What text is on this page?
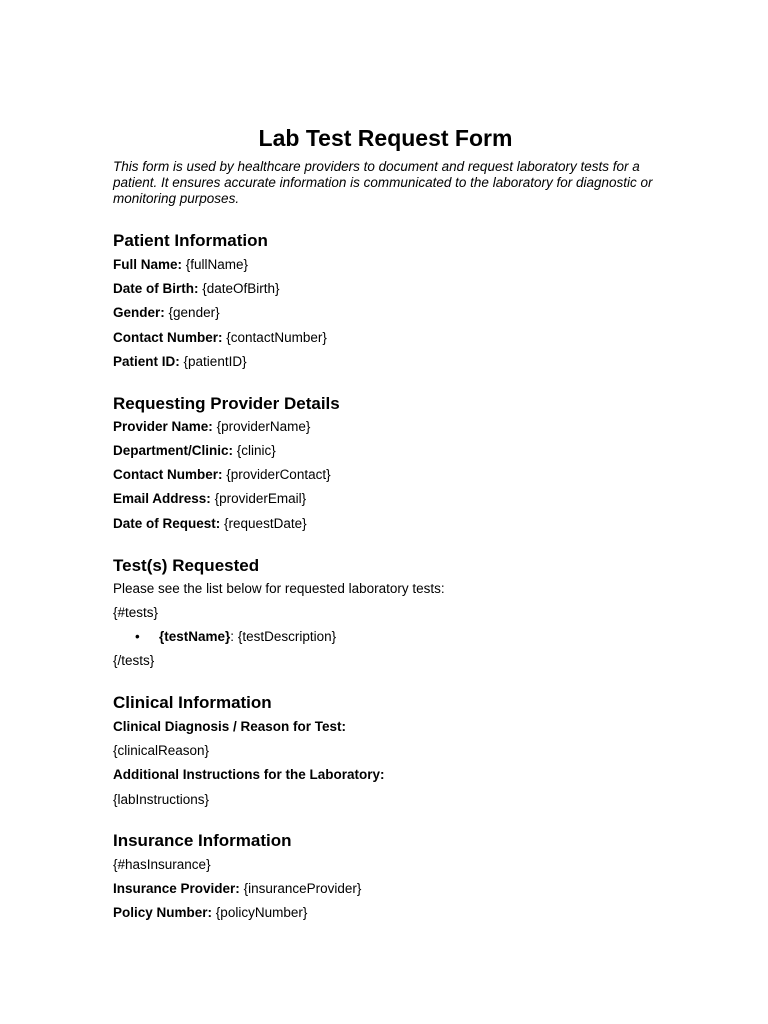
Lab Test Request Form

This form is used by healthcare providers to document and request laboratory tests for a patient. It ensures accurate information is communicated to the laboratory for diagnostic or monitoring purposes.

Patient Information
Full Name: {fullName}
Date of Birth: {dateOfBirth}
Gender: {gender}
Contact Number: {contactNumber}
Patient ID: {patientID}
Requesting Provider Details
Provider Name: {providerName}
Department/Clinic: {clinic}
Contact Number: {providerContact}
Email Address: {providerEmail}
Date of Request: {requestDate}
Test(s) Requested
Please see the list below for requested laboratory tests:
{#tests}
• {testName}: {testDescription}
{/tests}
Clinical Information
Clinical Diagnosis / Reason for Test:
{clinicalReason}
Additional Instructions for the Laboratory:
{labInstructions}
Insurance Information
{#hasInsurance}
Insurance Provider: {insuranceProvider}
Policy Number: {policyNumber}
